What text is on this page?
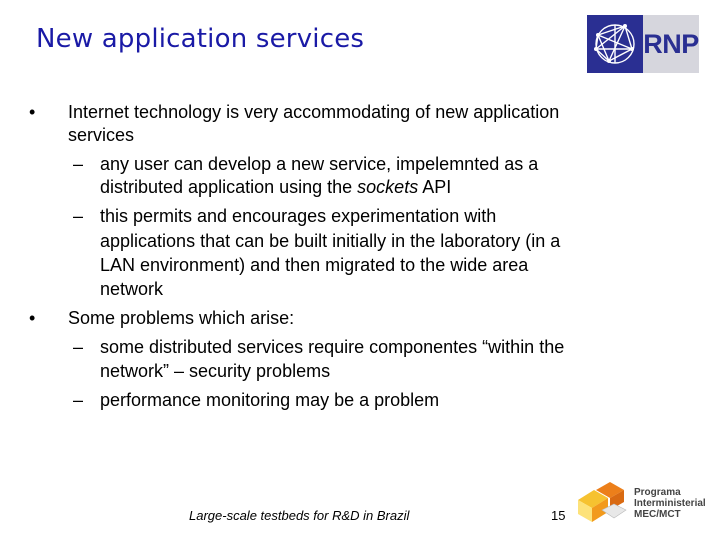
New application services	RNP
• Internet technology is very accommodating of new application
services
– any user can develop a new service, impelemnted as a
distributed application using the sockets API
– this permits and encourages experimentation with
applications that can be built initially in the laboratory (in a
LAN environment) and then migrated to the wide area
network
• Some problems which arise:
– some distributed services require componentes “within the
network” – security problems
– performance monitoring may be a problem
Large-scale testbeds for R&D in Brazil	15
Programa
Interministerial
MEC/MCT
